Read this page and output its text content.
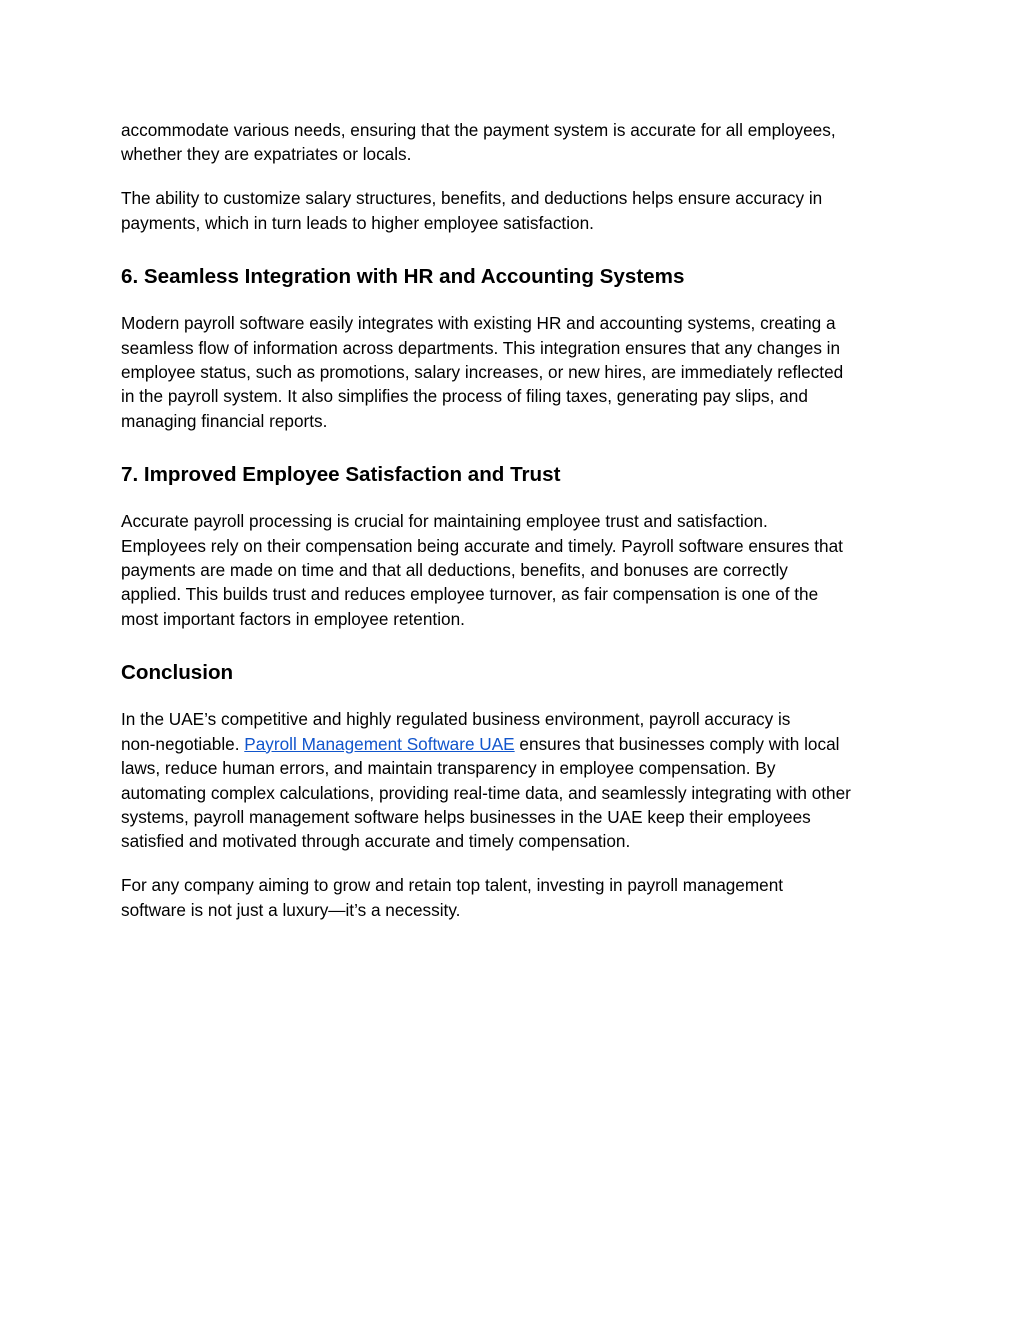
accommodate various needs, ensuring that the payment system is accurate for all employees,
whether they are expatriates or locals.

The ability to customize salary structures, benefits, and deductions helps ensure accuracy in
payments, which in turn leads to higher employee satisfaction.

6. Seamless Integration with HR and Accounting Systems

Modern payroll software easily integrates with existing HR and accounting systems, creating a
seamless flow of information across departments. This integration ensures that any changes in
employee status, such as promotions, salary increases, or new hires, are immediately reflected
in the payroll system. It also simplifies the process of filing taxes, generating pay slips, and
managing financial reports.

7. Improved Employee Satisfaction and Trust

Accurate payroll processing is crucial for maintaining employee trust and satisfaction.
Employees rely on their compensation being accurate and timely. Payroll software ensures that
payments are made on time and that all deductions, benefits, and bonuses are correctly
applied. This builds trust and reduces employee turnover, as fair compensation is one of the
most important factors in employee retention.

Conclusion

In the UAE’s competitive and highly regulated business environment, payroll accuracy is
non-negotiable. Payroll Management Software UAE ensures that businesses comply with local
laws, reduce human errors, and maintain transparency in employee compensation. By
automating complex calculations, providing real-time data, and seamlessly integrating with other
systems, payroll management software helps businesses in the UAE keep their employees
satisfied and motivated through accurate and timely compensation.

For any company aiming to grow and retain top talent, investing in payroll management
software is not just a luxury—it’s a necessity.
